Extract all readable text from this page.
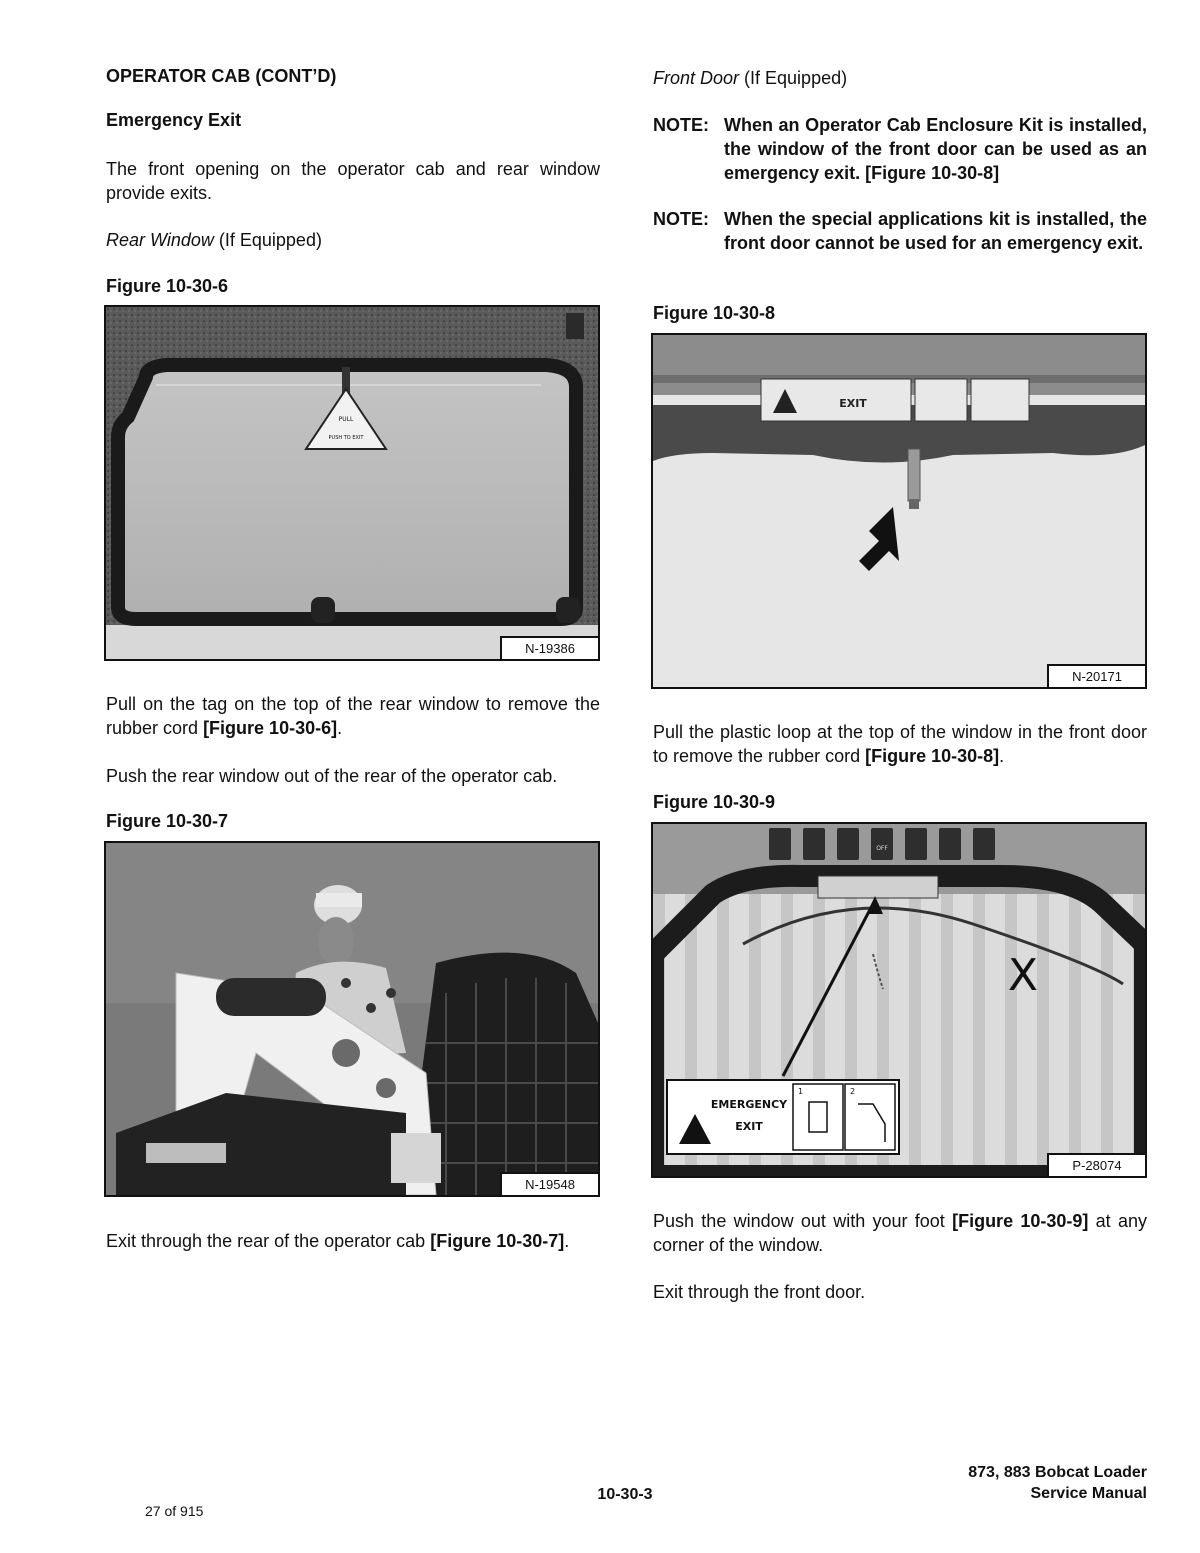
OPERATOR CAB (CONT’D)
Emergency Exit
The front opening on the operator cab and rear window provide exits.
Rear Window (If Equipped)
Figure 10-30-6
PULL
PUSH TO EXIT
N-19386
Pull on the tag on the top of the rear window to remove the rubber cord [Figure 10-30-6].
Push the rear window out of the rear of the operator cab.
Figure 10-30-7
N-19548
Exit through the rear of the operator cab [Figure 10-30-7].
Front Door (If Equipped)
NOTE: When an Operator Cab Enclosure Kit is installed, the window of the front door can be used as an emergency exit. [Figure 10-30-8]
NOTE: When the special applications kit is installed, the front door cannot be used for an emergency exit.
Figure 10-30-8
EXIT
N-20171
Pull the plastic loop at the top of the window in the front door to remove the rubber cord [Figure 10-30-8].
Figure 10-30-9
OFF
X
EMERGENCY
EXIT
1	2
P-28074
Push the window out with your foot [Figure 10-30-9] at any corner of the window.
Exit through the front door.
10-30-3
873, 883 Bobcat Loader
Service Manual
27 of 915
